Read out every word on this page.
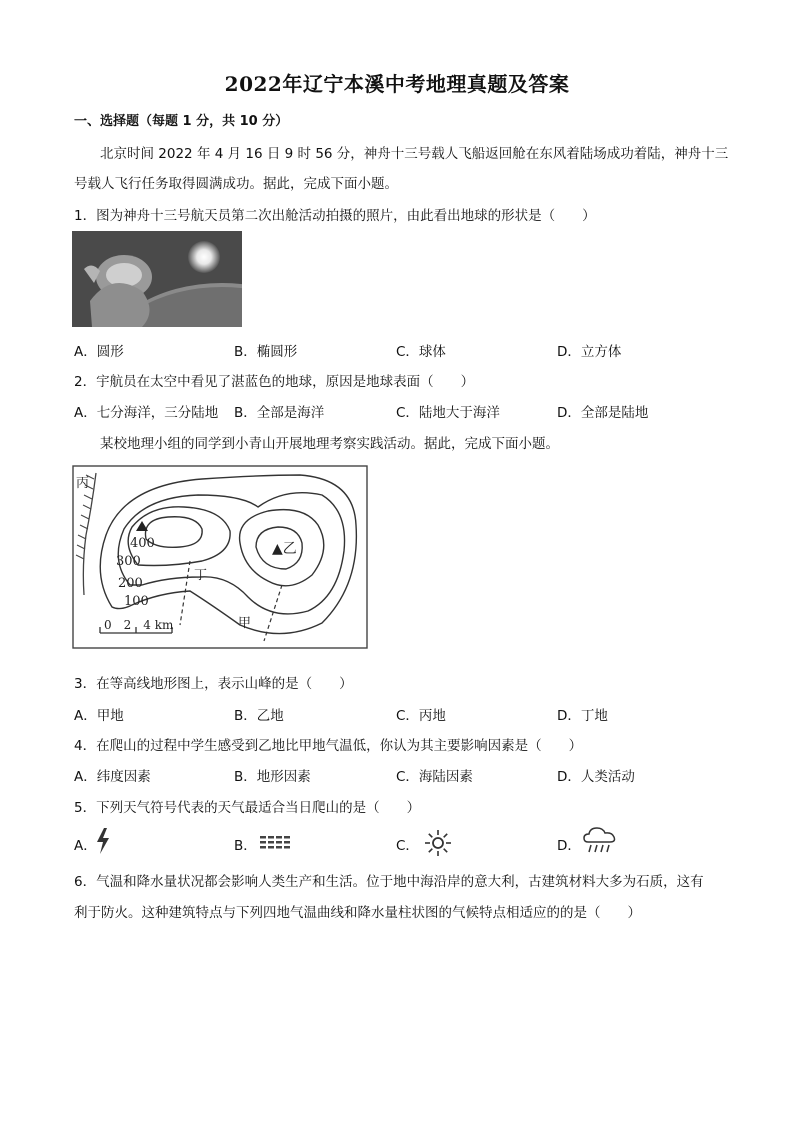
2022年辽宁本溪中考地理真题及答案
一、选择题（每题 1 分，共 10 分）
北京时间 2022 年 4 月 16 日 9 时 56 分，神舟十三号载人飞船返回舱在东风着陆场成功着陆，神舟十三
号载人飞行任务取得圆满成功。据此，完成下面小题。
1．图为神舟十三号航天员第二次出舱活动拍摄的照片，由此看出地球的形状是（　　）
A．圆形	B．椭圆形	C．球体	D．立方体
2．宇航员在太空中看见了湛蓝色的地球，原因是地球表面（　　）
A．七分海洋，三分陆地 B．全部是海洋	C．陆地大于海洋	D．全部是陆地
某校地理小组的同学到小青山开展地理考察实践活动。据此，完成下面小题。
丙
▲乙
丁
甲
400
300
200
100
0　2　4 km
3．在等高线地形图上，表示山峰的是（　　）
A．甲地	B．乙地	C．丙地	D．丁地
4．在爬山的过程中学生感受到乙地比甲地气温低，你认为其主要影响因素是（　　）
A．纬度因素	B．地形因素	C．海陆因素	D．人类活动
5．下列天气符号代表的天气最适合当日爬山的是（　　）
A．	B．	C．	D．
6．气温和降水量状况都会影响人类生产和生活。位于地中海沿岸的意大利，古建筑材料大多为石质，这有
利于防火。这种建筑特点与下列四地气温曲线和降水量柱状图的气候特点相适应的的是（　　）
